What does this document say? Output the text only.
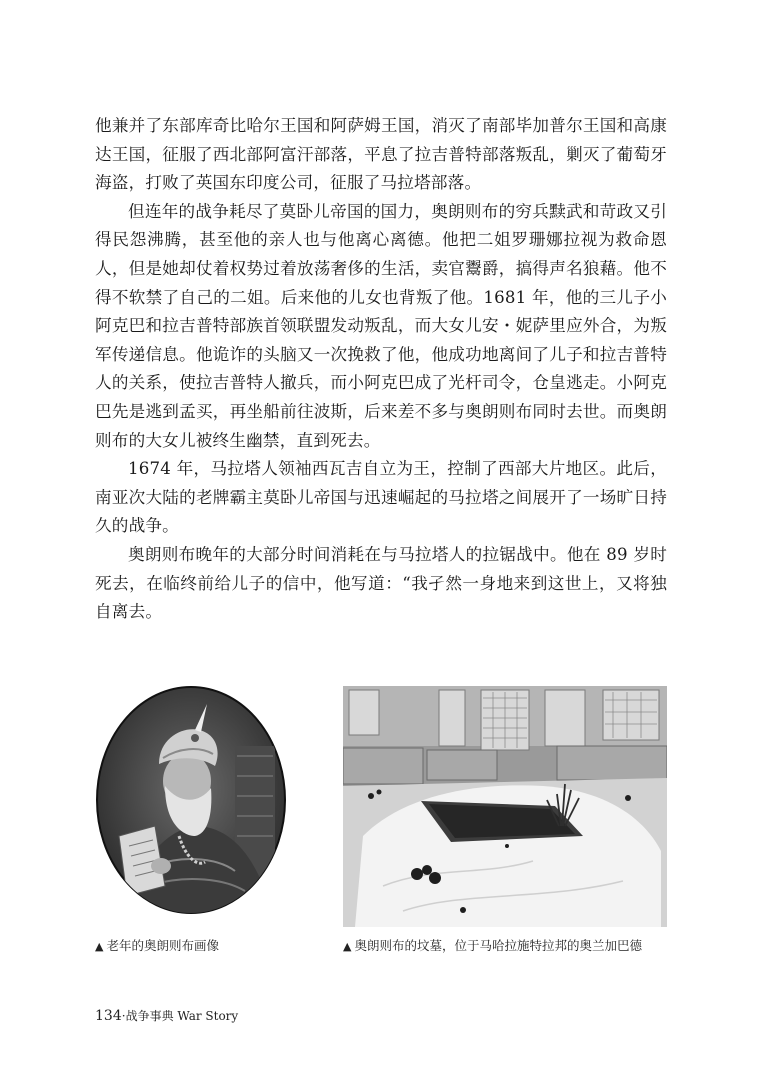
他兼并了东部库奇比哈尔王国和阿萨姆王国，消灭了南部毕加普尔王国和高康达王国，征服了西北部阿富汗部落，平息了拉吉普特部落叛乱，剿灭了葡萄牙海盗，打败了英国东印度公司，征服了马拉塔部落。

但连年的战争耗尽了莫卧儿帝国的国力，奥朗则布的穷兵黩武和苛政又引得民怨沸腾，甚至他的亲人也与他离心离德。他把二姐罗珊娜拉视为救命恩人，但是她却仗着权势过着放荡奢侈的生活，卖官鬻爵，搞得声名狼藉。他不得不软禁了自己的二姐。后来他的儿女也背叛了他。1681 年，他的三儿子小阿克巴和拉吉普特部族首领联盟发动叛乱，而大女儿安・妮萨里应外合，为叛军传递信息。他诡诈的头脑又一次挽救了他，他成功地离间了儿子和拉吉普特人的关系，使拉吉普特人撤兵，而小阿克巴成了光杆司令，仓皇逃走。小阿克巴先是逃到孟买，再坐船前往波斯，后来差不多与奥朗则布同时去世。而奥朗则布的大女儿被终生幽禁，直到死去。

1674 年，马拉塔人领袖西瓦吉自立为王，控制了西部大片地区。此后，南亚次大陆的老牌霸主莫卧儿帝国与迅速崛起的马拉塔之间展开了一场旷日持久的战争。

奥朗则布晚年的大部分时间消耗在与马拉塔人的拉锯战中。他在 89 岁时死去，在临终前给儿子的信中，他写道：“我孑然一身地来到这世上，又将独自离去。

▲ 老年的奥朗则布画像	▲ 奥朗则布的坟墓，位于马哈拉施特拉邦的奥兰加巴德
134·战争事典 War Story
